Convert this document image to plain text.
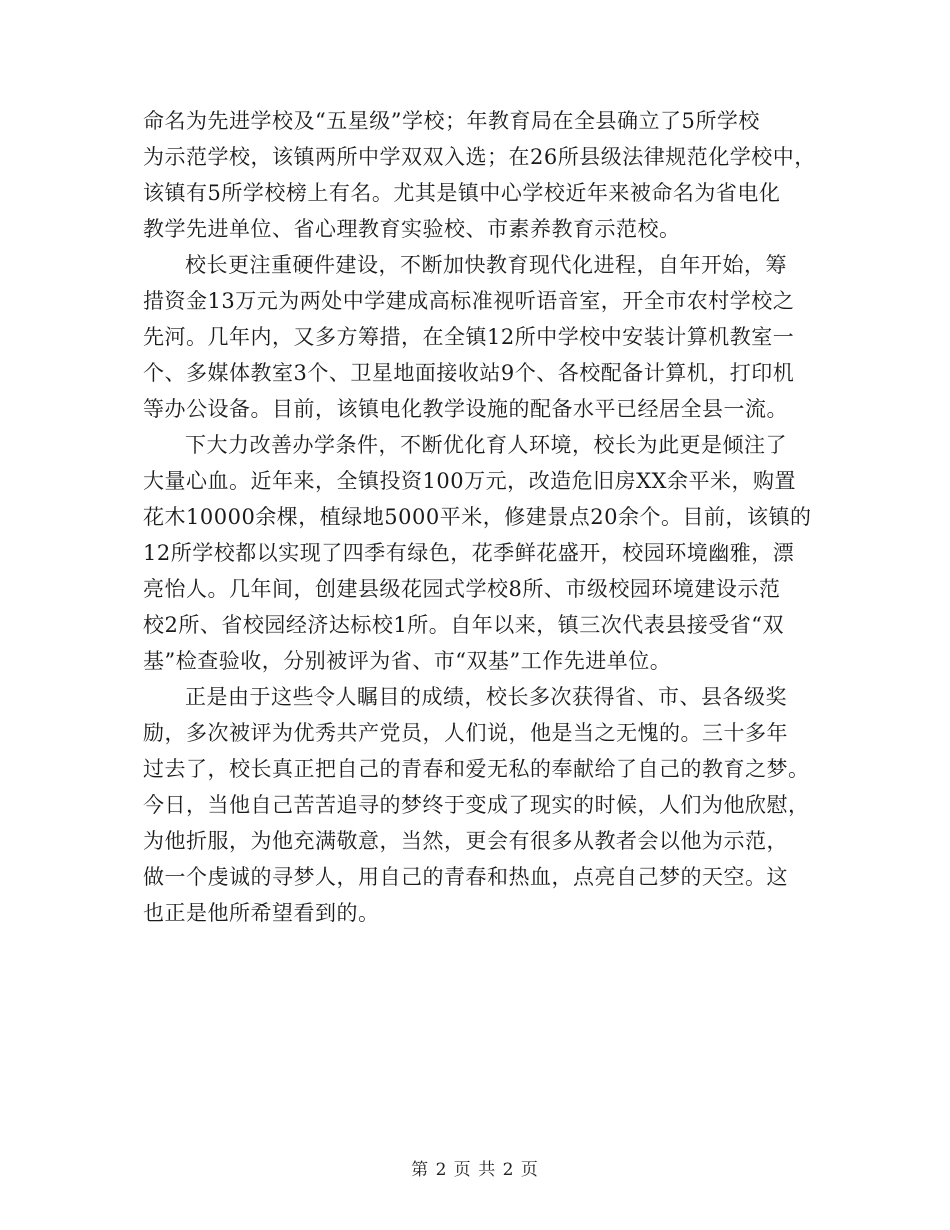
命名为先进学校及“五星级”学校；年教育局在全县确立了5所学校
为示范学校，该镇两所中学双双入选；在26所县级法律规范化学校中，
该镇有5所学校榜上有名。尤其是镇中心学校近年来被命名为省电化
教学先进单位、省心理教育实验校、市素养教育示范校。
校长更注重硬件建设，不断加快教育现代化进程，自年开始，筹
措资金13万元为两处中学建成高标准视听语音室，开全市农村学校之
先河。几年内，又多方筹措，在全镇12所中学校中安装计算机教室一
个、多媒体教室3个、卫星地面接收站9个、各校配备计算机，打印机
等办公设备。目前，该镇电化教学设施的配备水平已经居全县一流。
下大力改善办学条件，不断优化育人环境，校长为此更是倾注了
大量心血。近年来，全镇投资100万元，改造危旧房XX余平米，购置
花木10000余棵，植绿地5000平米，修建景点20余个。目前，该镇的
12所学校都以实现了四季有绿色，花季鲜花盛开，校园环境幽雅，漂
亮怡人。几年间，创建县级花园式学校8所、市级校园环境建设示范
校2所、省校园经济达标校1所。自年以来，镇三次代表县接受省“双
基”检查验收，分别被评为省、市“双基”工作先进单位。
正是由于这些令人瞩目的成绩，校长多次获得省、市、县各级奖
励，多次被评为优秀共产党员，人们说，他是当之无愧的。三十多年
过去了，校长真正把自己的青春和爱无私的奉献给了自己的教育之梦。
今日，当他自己苦苦追寻的梦终于变成了现实的时候，人们为他欣慰，
为他折服，为他充满敬意，当然，更会有很多从教者会以他为示范，
做一个虔诚的寻梦人，用自己的青春和热血，点亮自己梦的天空。这
也正是他所希望看到的。
第 2 页 共 2 页
